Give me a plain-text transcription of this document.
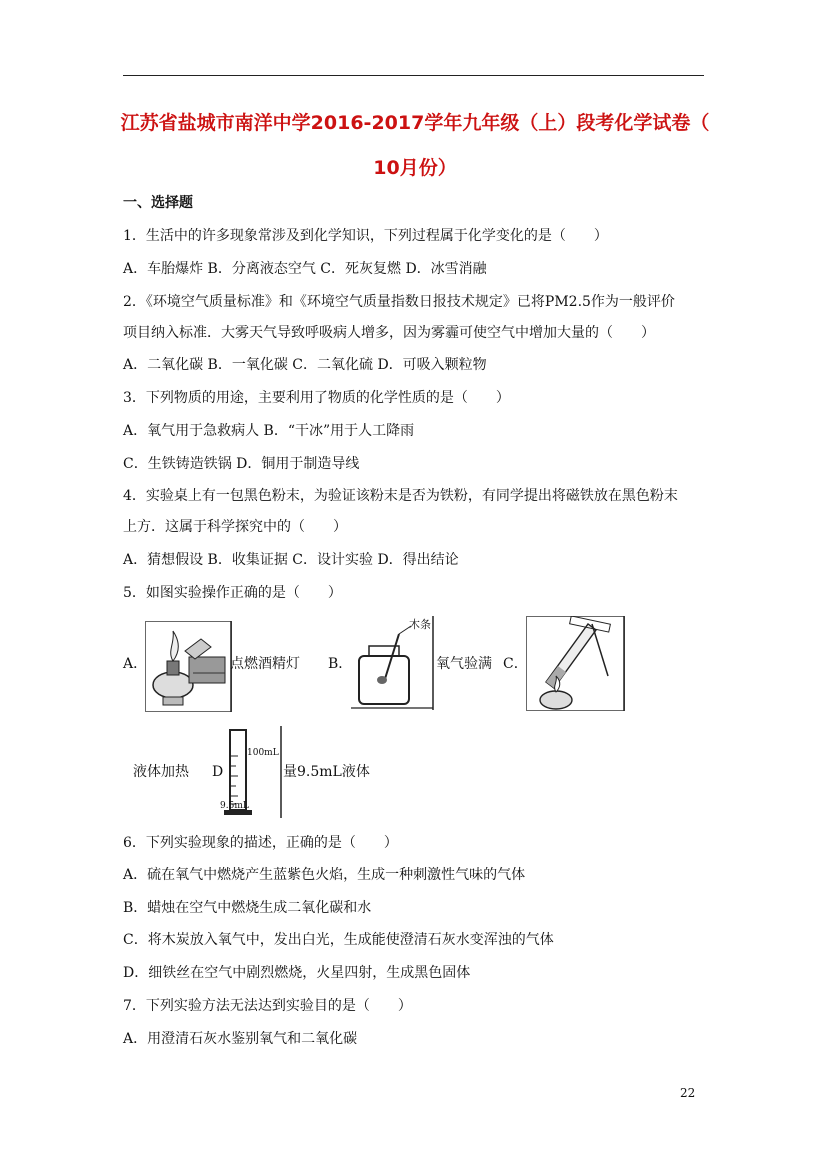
江苏省盐城市南洋中学2016-2017学年九年级（上）段考化学试卷（
10月份）
一、选择题
1．生活中的许多现象常涉及到化学知识，下列过程属于化学变化的是（　　）
A．车胎爆炸 B．分离液态空气 C．死灰复燃 D．冰雪消融
2．《环境空气质量标准》和《环境空气质量指数日报技术规定》已将PM2.5作为一般评价
项目纳入标准．大雾天气导致呼吸病人增多，因为雾霾可使空气中增加大量的（　　）
A．二氧化碳 B．一氧化碳 C．二氧化硫 D．可吸入颗粒物
3．下列物质的用途，主要利用了物质的化学性质的是（　　）
A．氧气用于急救病人 B．“干冰”用于人工降雨
C．生铁铸造铁锅 D．铜用于制造导线
4．实验桌上有一包黑色粉末，为验证该粉末是否为铁粉，有同学提出将磁铁放在黑色粉末
上方．这属于科学探究中的（　　）
A．猜想假设 B．收集证据 C．设计实验 D．得出结论
5．如图实验操作正确的是（　　）
A．	点燃酒精灯 B．
木条
氧气验满 C．
液体加热 D
100mL
9.5mL
量9.5mL液体
6．下列实验现象的描述，正确的是（　　）
A．硫在氧气中燃烧产生蓝紫色火焰，生成一种刺激性气味的气体
B．蜡烛在空气中燃烧生成二氧化碳和水
C．将木炭放入氧气中，发出白光，生成能使澄清石灰水变浑浊的气体
D．细铁丝在空气中剧烈燃烧，火星四射，生成黑色固体
7．下列实验方法无法达到实验目的是（　　）
A．用澄清石灰水鉴别氧气和二氧化碳
22
